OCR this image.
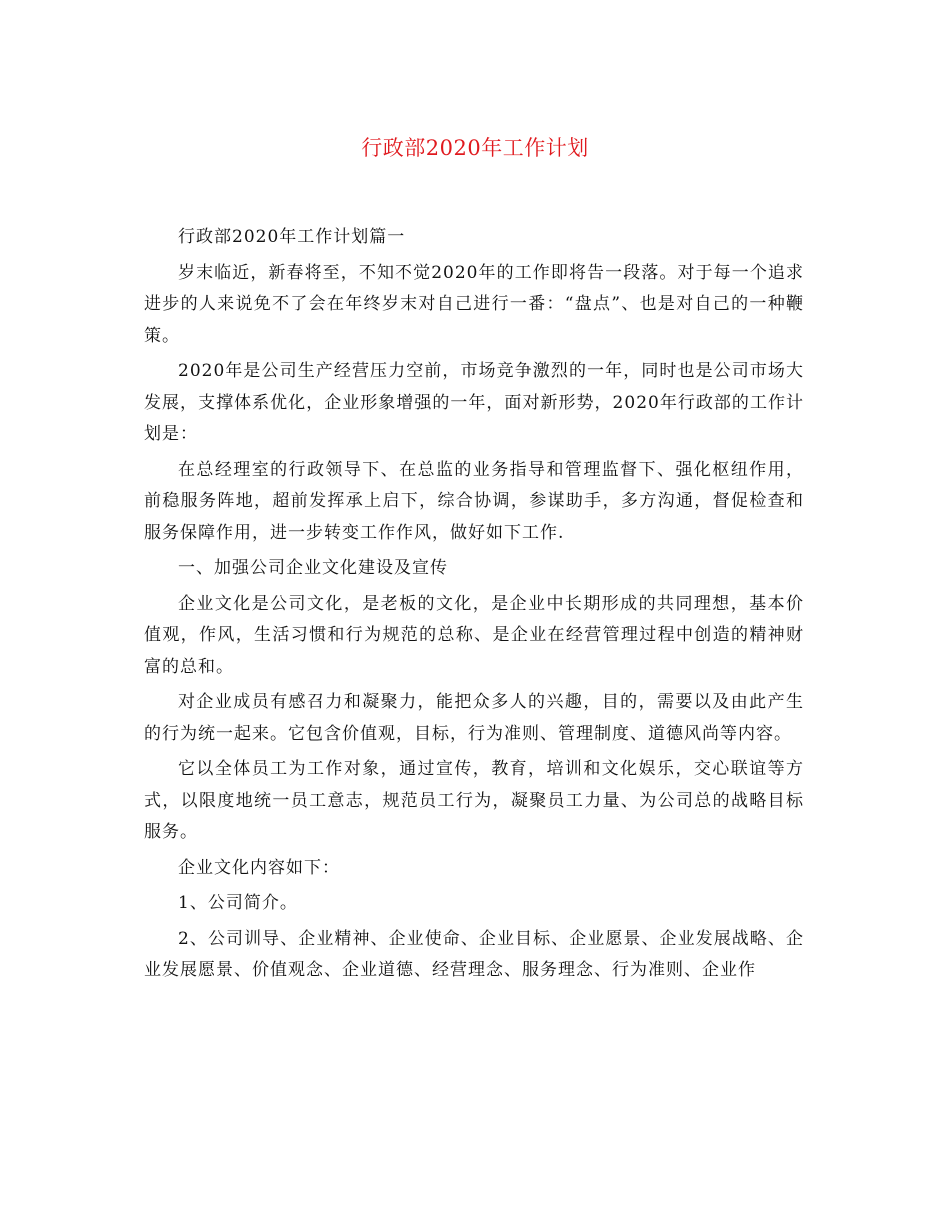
行政部2020年工作计划

行政部2020年工作计划篇一

岁末临近，新春将至，不知不觉2020年的工作即将告一段落。对于每一个追求进步的人来说免不了会在年终岁末对自己进行一番：“盘点”、也是对自己的一种鞭策。

2020年是公司生产经营压力空前，市场竞争激烈的一年，同时也是公司市场大发展，支撑体系优化，企业形象增强的一年，面对新形势，2020年行政部的工作计划是：

在总经理室的行政领导下、在总监的业务指导和管理监督下、强化枢纽作用，前稳服务阵地，超前发挥承上启下，综合协调，参谋助手，多方沟通，督促检查和服务保障作用，进一步转变工作作风，做好如下工作.

一、加强公司企业文化建设及宣传

企业文化是公司文化，是老板的文化，是企业中长期形成的共同理想，基本价值观，作风，生活习惯和行为规范的总称、是企业在经营管理过程中创造的精神财富的总和。

对企业成员有感召力和凝聚力，能把众多人的兴趣，目的，需要以及由此产生的行为统一起来。它包含价值观，目标，行为准则、管理制度、道德风尚等内容。

它以全体员工为工作对象，通过宣传，教育，培训和文化娱乐，交心联谊等方式，以限度地统一员工意志，规范员工行为，凝聚员工力量、为公司总的战略目标服务。

企业文化内容如下：

1、公司简介。

2、公司训导、企业精神、企业使命、企业目标、企业愿景、企业发展战略、企业发展愿景、价值观念、企业道德、经营理念、服务理念、行为准则、企业作
